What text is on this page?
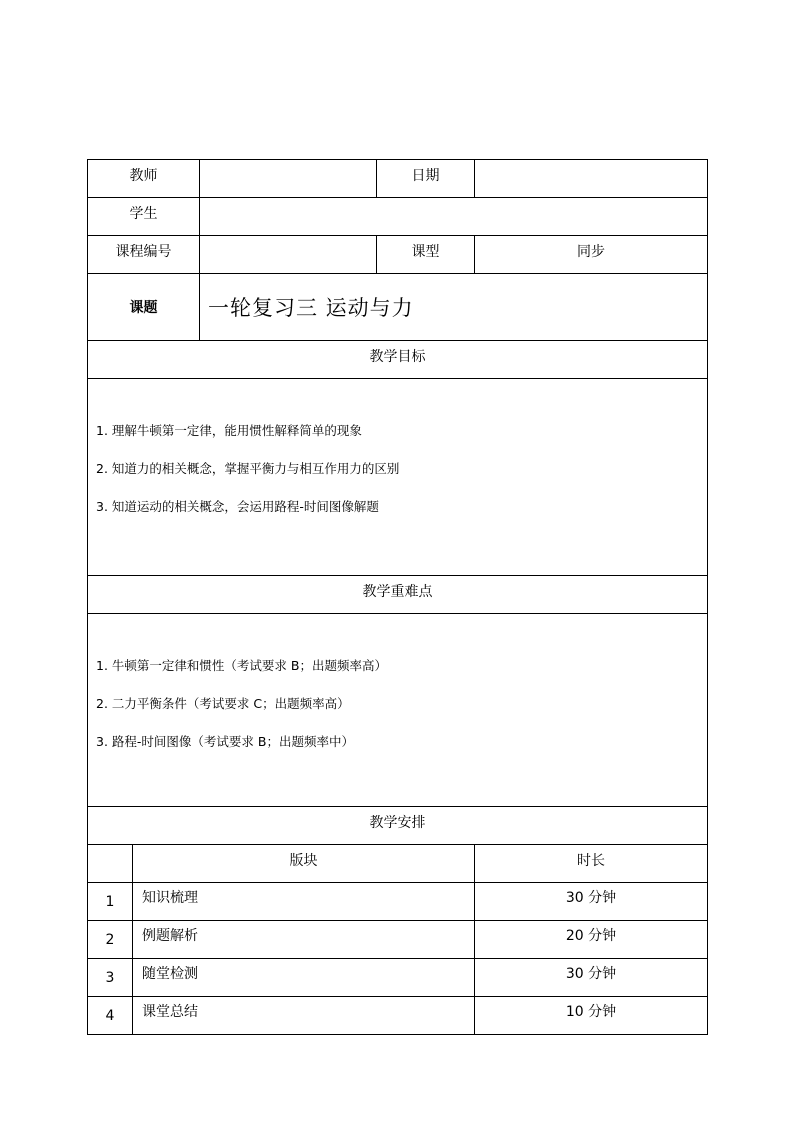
教师			日期	
学生				
课程编号			课型	同步
课题		一轮复习三 运动与力		
教学目标				

1. 理解牛顿第一定律，能用惯性解释简单的现象
2. 知道力的相关概念，掌握平衡力与相互作用力的区别
3. 知道运动的相关概念，会运用路程-时间图像解题				

教学重难点				

1. 牛顿第一定律和惯性（考试要求 B；出题频率高）
2. 二力平衡条件（考试要求 C；出题频率高）
3. 路程-时间图像（考试要求 B；出题频率中）				

教学安排				
	版块			时长
1	知识梳理			30 分钟
2	例题解析			20 分钟
3	随堂检测			30 分钟
4	课堂总结			10 分钟
